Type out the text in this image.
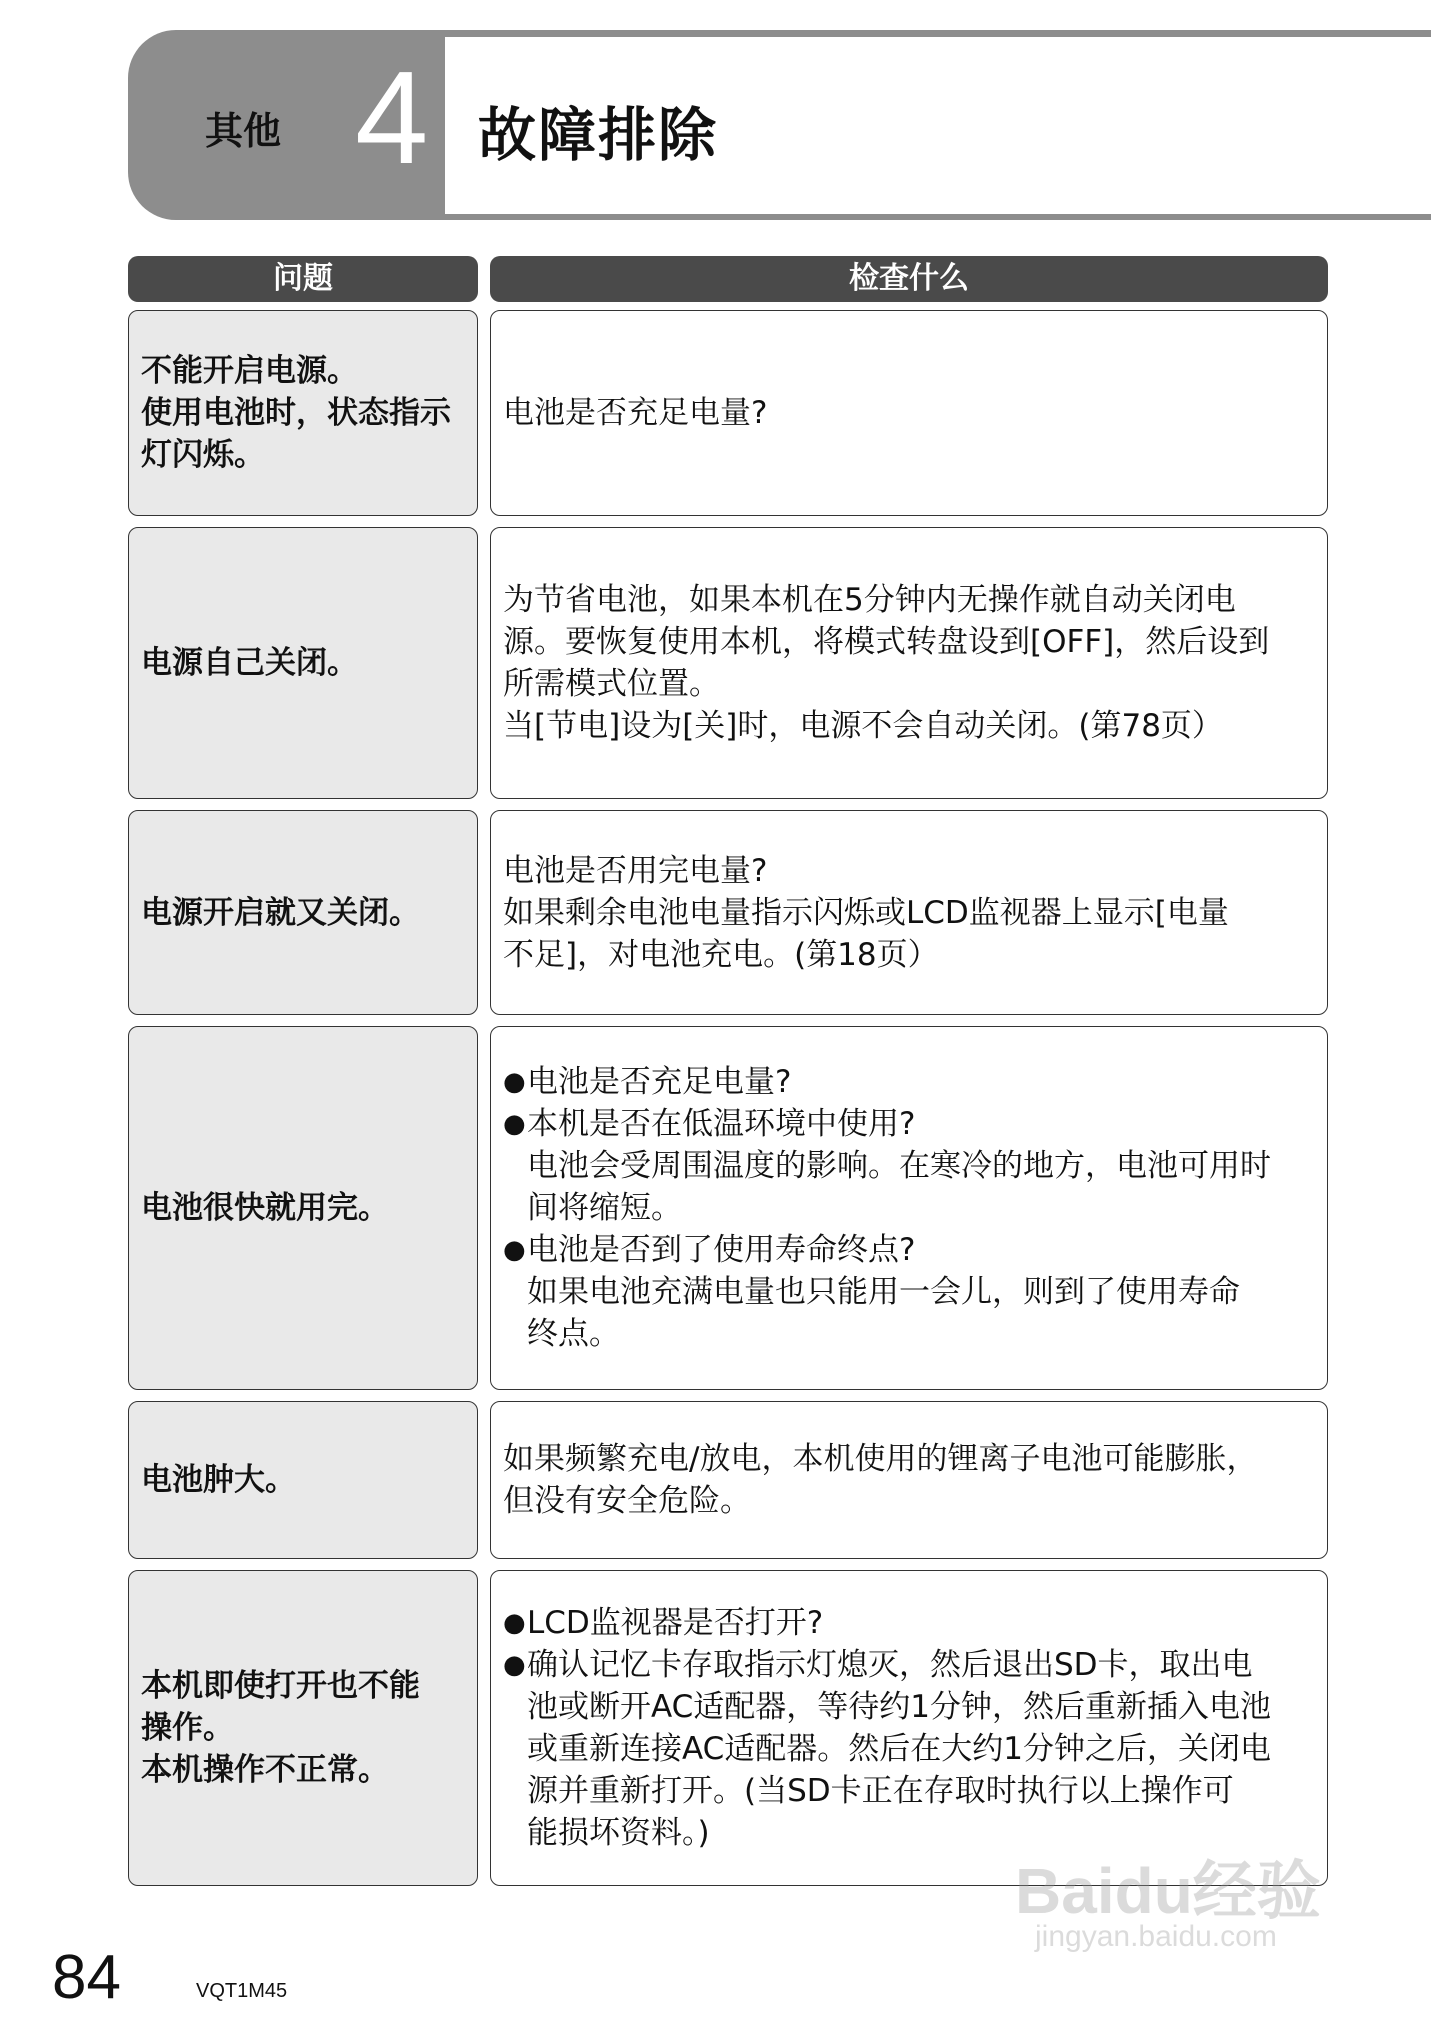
其他 4 故障排除
问题	检查什么
不能开启电源。
使用电池时，状态指示
灯闪烁。
电池是否充足电量?
电源自己关闭。
为节省电池，如果本机在5分钟内无操作就自动关闭电
源。要恢复使用本机，将模式转盘设到[OFF]，然后设到
所需模式位置。
当[节电]设为[关]时，电源不会自动关闭。(第78页）
电源开启就又关闭。
电池是否用完电量?
如果剩余电池电量指示闪烁或LCD监视器上显示[电量
不足]，对电池充电。(第18页）
电池很快就用完。
● 电池是否充足电量?
● 本机是否在低温环境中使用?
电池会受周围温度的影响。在寒冷的地方，电池可用时
间将缩短。
● 电池是否到了使用寿命终点?
如果电池充满电量也只能用一会儿，则到了使用寿命
终点。
电池肿大。
如果频繁充电/放电，本机使用的锂离子电池可能膨胀，
但没有安全危险。
本机即使打开也不能
操作。
本机操作不正常。
● LCD监视器是否打开?
● 确认记忆卡存取指示灯熄灭，然后退出SD卡，取出电
池或断开AC适配器，等待约1分钟，然后重新插入电池
或重新连接AC适配器。然后在大约1分钟之后，关闭电
源并重新打开。(当SD卡正在存取时执行以上操作可
能损坏资料。)
Baidu经验
jingyan.baidu.com
84	VQT1M45
